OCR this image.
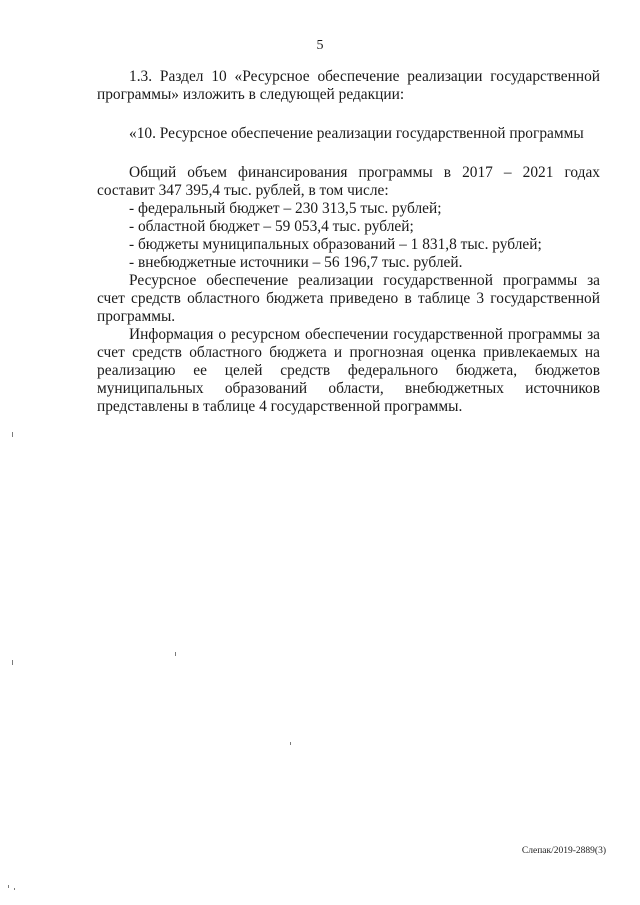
5

1.3. Раздел 10 «Ресурсное обеспечение реализации государственной программы» изложить в следующей редакции:

«10. Ресурсное обеспечение реализации государственной программы

Общий объем финансирования программы в 2017 – 2021 годах составит 347 395,4 тыс. рублей, в том числе:

- федеральный бюджет – 230 313,5 тыс. рублей;

- областной бюджет – 59 053,4 тыс. рублей;

- бюджеты муниципальных образований – 1 831,8 тыс. рублей;

- внебюджетные источники – 56 196,7 тыс. рублей.

Ресурсное обеспечение реализации государственной программы за счет средств областного бюджета приведено в таблице 3 государственной программы.

Информация о ресурсном обеспечении государственной программы за счет средств областного бюджета и прогнозная оценка привлекаемых на реализацию ее целей средств федерального бюджета, бюджетов муниципальных образований области, внебюджетных источников представлены в таблице 4 государственной программы.

Слепак/2019-2889(3)
